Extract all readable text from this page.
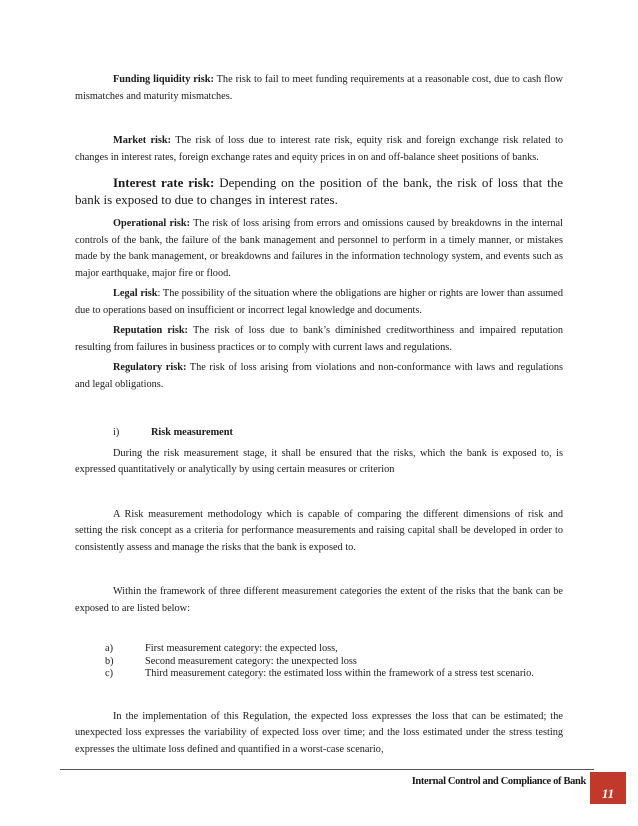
Funding liquidity risk: The risk to fail to meet funding requirements at a reasonable cost, due to cash flow mismatches and maturity mismatches.

Market risk: The risk of loss due to interest rate risk, equity risk and foreign exchange risk related to changes in interest rates, foreign exchange rates and equity prices in on and off-balance sheet positions of banks.

Interest rate risk: Depending on the position of the bank, the risk of loss that the bank is exposed to due to changes in interest rates.

Operational risk: The risk of loss arising from errors and omissions caused by breakdowns in the internal controls of the bank, the failure of the bank management and personnel to perform in a timely manner, or mistakes made by the bank management, or breakdowns and failures in the information technology system, and events such as major earthquake, major fire or flood.

Legal risk: The possibility of the situation where the obligations are higher or rights are lower than assumed due to operations based on insufficient or incorrect legal knowledge and documents.

Reputation risk: The risk of loss due to bank’s diminished creditworthiness and impaired reputation resulting from failures in business practices or to comply with current laws and regulations.

Regulatory risk: The risk of loss arising from violations and non-conformance with laws and regulations and legal obligations.

i)	Risk measurement

During the risk measurement stage, it shall be ensured that the risks, which the bank is exposed to, is expressed quantitatively or analytically by using certain measures or criterion

A Risk measurement methodology which is capable of comparing the different dimensions of risk and setting the risk concept as a criteria for performance measurements and raising capital shall be developed in order to consistently assess and manage the risks that the bank is exposed to.

Within the framework of three different measurement categories the extent of the risks that the bank can be exposed to are listed below:

a)	First measurement category: the expected loss,
b)	Second measurement category: the unexpected loss
c)	Third measurement category: the estimated loss within the framework of a stress test scenario.

In the implementation of this Regulation, the expected loss expresses the loss that can be estimated; the unexpected loss expresses the variability of expected loss over time; and the loss estimated under the stress testing expresses the ultimate loss defined and quantified in a worst-case scenario,

Internal Control and Compliance of Bank
11
